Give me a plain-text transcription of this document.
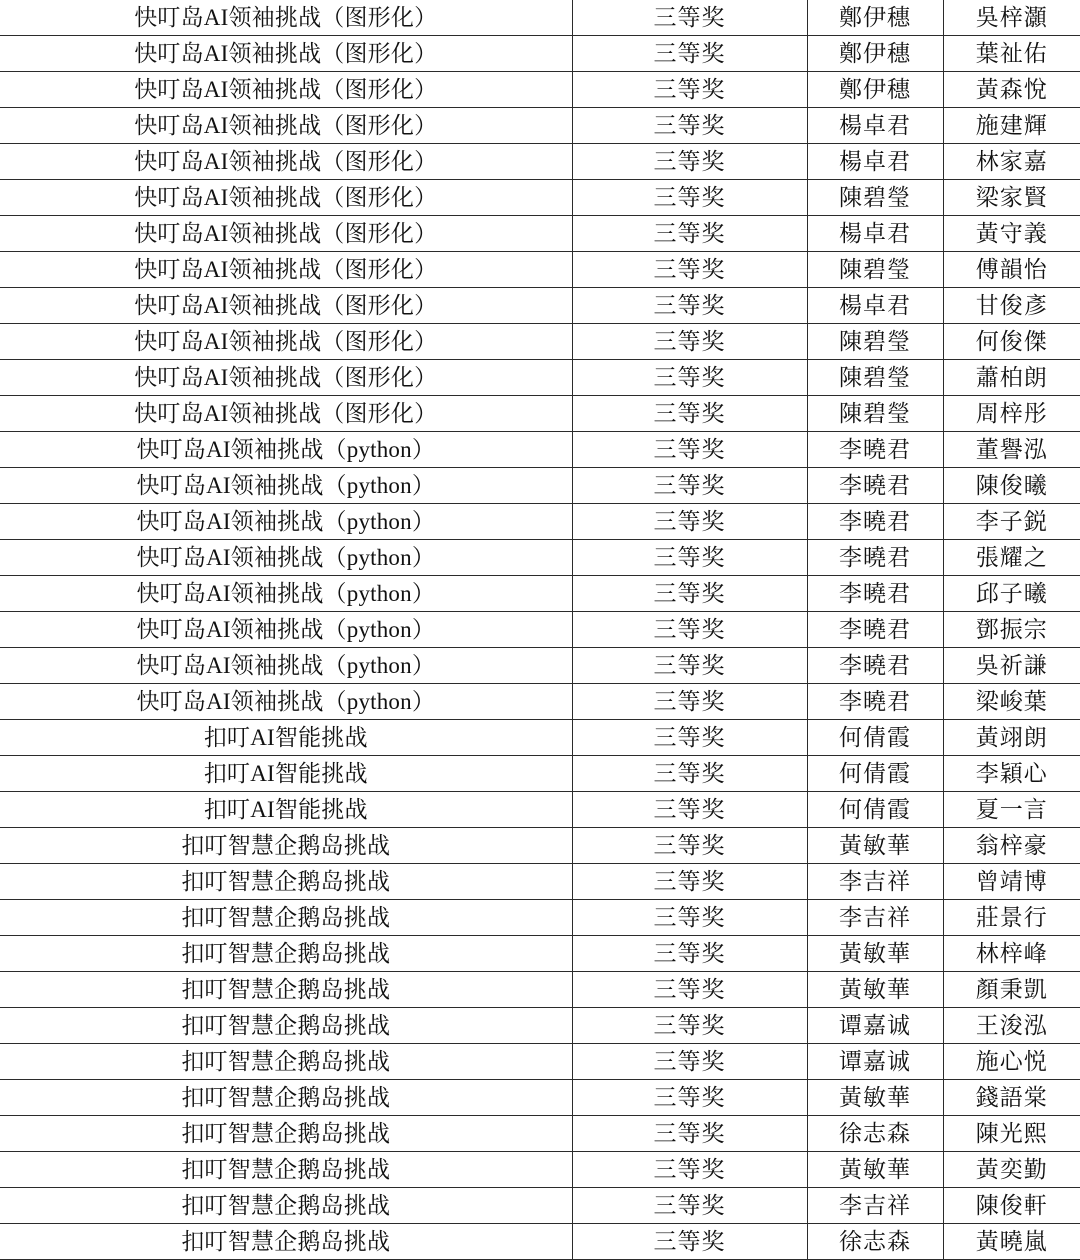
快叮岛AI领袖挑战（图形化）	三等奖	鄭伊穗	吳梓灝
快叮岛AI领袖挑战（图形化）	三等奖	鄭伊穗	葉祉佑
快叮岛AI领袖挑战（图形化）	三等奖	鄭伊穗	黃森悅
快叮岛AI领袖挑战（图形化）	三等奖	楊卓君	施建輝
快叮岛AI领袖挑战（图形化）	三等奖	楊卓君	林家嘉
快叮岛AI领袖挑战（图形化）	三等奖	陳碧瑩	梁家賢
快叮岛AI领袖挑战（图形化）	三等奖	楊卓君	黃守義
快叮岛AI领袖挑战（图形化）	三等奖	陳碧瑩	傅韻怡
快叮岛AI领袖挑战（图形化）	三等奖	楊卓君	甘俊彥
快叮岛AI领袖挑战（图形化）	三等奖	陳碧瑩	何俊傑
快叮岛AI领袖挑战（图形化）	三等奖	陳碧瑩	蕭柏朗
快叮岛AI领袖挑战（图形化）	三等奖	陳碧瑩	周梓彤
快叮岛AI领袖挑战（python）	三等奖	李曉君	董譽泓
快叮岛AI领袖挑战（python）	三等奖	李曉君	陳俊曦
快叮岛AI领袖挑战（python）	三等奖	李曉君	李子鋭
快叮岛AI领袖挑战（python）	三等奖	李曉君	張耀之
快叮岛AI领袖挑战（python）	三等奖	李曉君	邱子曦
快叮岛AI领袖挑战（python）	三等奖	李曉君	鄧振宗
快叮岛AI领袖挑战（python）	三等奖	李曉君	吳祈謙
快叮岛AI领袖挑战（python）	三等奖	李曉君	梁峻葉
扣叮AI智能挑战	三等奖	何倩霞	黃翊朗
扣叮AI智能挑战	三等奖	何倩霞	李穎心
扣叮AI智能挑战	三等奖	何倩霞	夏一言
扣叮智慧企鹅岛挑战	三等奖	黃敏華	翁梓豪
扣叮智慧企鹅岛挑战	三等奖	李吉祥	曾靖博
扣叮智慧企鹅岛挑战	三等奖	李吉祥	莊景行
扣叮智慧企鹅岛挑战	三等奖	黃敏華	林梓峰
扣叮智慧企鹅岛挑战	三等奖	黃敏華	顏秉凱
扣叮智慧企鹅岛挑战	三等奖	谭嘉诚	王浚泓
扣叮智慧企鹅岛挑战	三等奖	谭嘉诚	施心悦
扣叮智慧企鹅岛挑战	三等奖	黃敏華	錢語棠
扣叮智慧企鹅岛挑战	三等奖	徐志森	陳光熙
扣叮智慧企鹅岛挑战	三等奖	黃敏華	黃奕勤
扣叮智慧企鹅岛挑战	三等奖	李吉祥	陳俊軒
扣叮智慧企鹅岛挑战	三等奖	徐志森	黃曉嵐
